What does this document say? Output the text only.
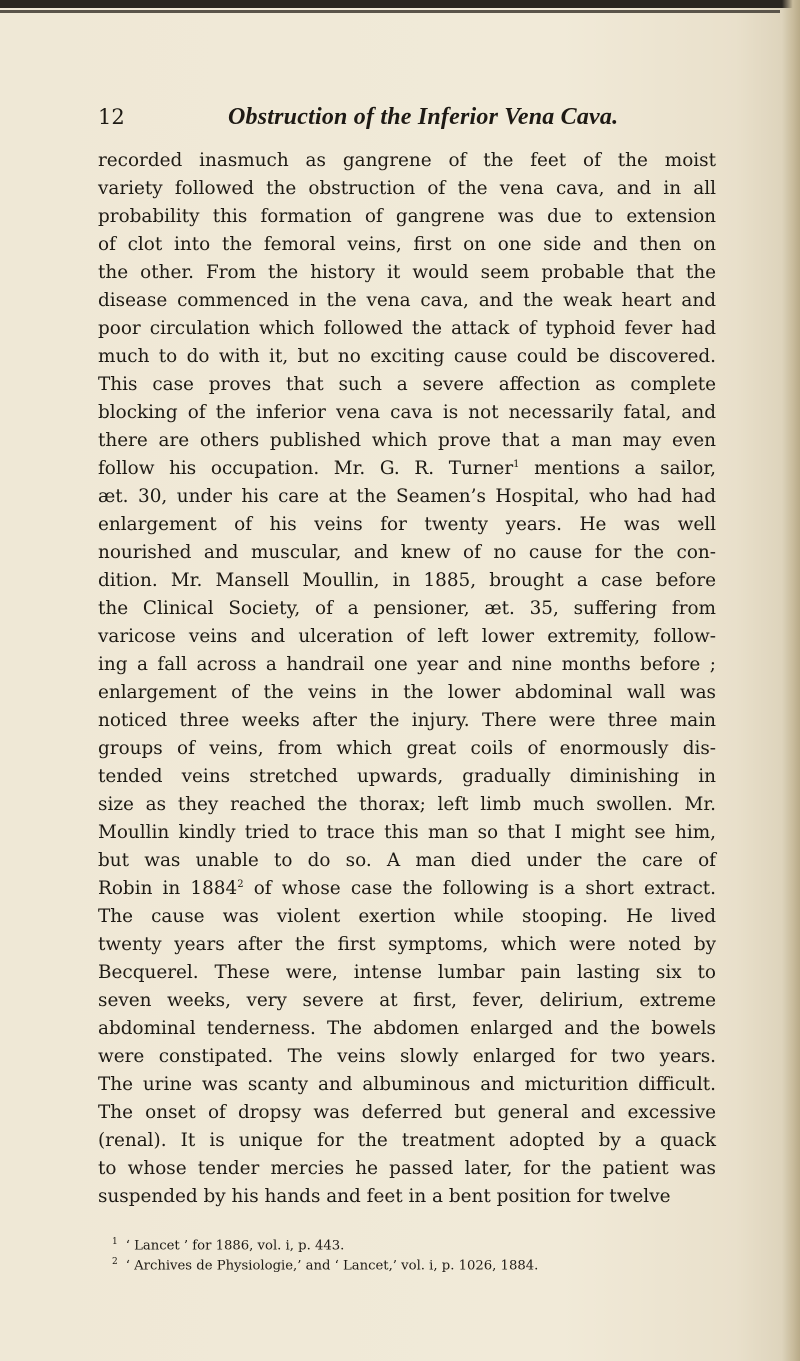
12	Obstruction of the Inferior Vena Cava.
recorded inasmuch as gangrene of the feet of the moist
variety followed the obstruction of the vena cava, and in all
probability this formation of gangrene was due to extension
of clot into the femoral veins, first on one side and then on
the other. From the history it would seem probable that the
disease commenced in the vena cava, and the weak heart and
poor circulation which followed the attack of typhoid fever had
much to do with it, but no exciting cause could be discovered.
This case proves that such a severe affection as complete
blocking of the inferior vena cava is not necessarily fatal, and
there are others published which prove that a man may even
follow his occupation. Mr. G. R. Turner$^1$ mentions a sailor,
æt. 30, under his care at the Seamen’s Hospital, who had had
enlargement of his veins for twenty years. He was well
nourished and muscular, and knew of no cause for the con-
dition. Mr. Mansell Moullin, in 1885, brought a case before
the Clinical Society, of a pensioner, æt. 35, suffering from
varicose veins and ulceration of left lower extremity, follow-
ing a fall across a handrail one year and nine months before ;
enlargement of the veins in the lower abdominal wall was
noticed three weeks after the injury. There were three main
groups of veins, from which great coils of enormously dis-
tended veins stretched upwards, gradually diminishing in
size as they reached the thorax; left limb much swollen. Mr.
Moullin kindly tried to trace this man so that I might see him,
but was unable to do so. A man died under the care of
Robin in 1884$^2$ of whose case the following is a short extract.
The cause was violent exertion while stooping. He lived
twenty years after the first symptoms, which were noted by
Becquerel. These were, intense lumbar pain lasting six to
seven weeks, very severe at first, fever, delirium, extreme
abdominal tenderness. The abdomen enlarged and the bowels
were constipated. The veins slowly enlarged for two years.
The urine was scanty and albuminous and micturition difficult.
The onset of dropsy was deferred but general and excessive
(renal). It is unique for the treatment adopted by a quack
to whose tender mercies he passed later, for the patient was
suspended by his hands and feet in a bent position for twelve
$^1$ ‘ Lancet ’ for 1886, vol. i, p. 443.
$^2$ ‘ Archives de Physiologie,’ and ‘ Lancet,’ vol. i, p. 1026, 1884.
